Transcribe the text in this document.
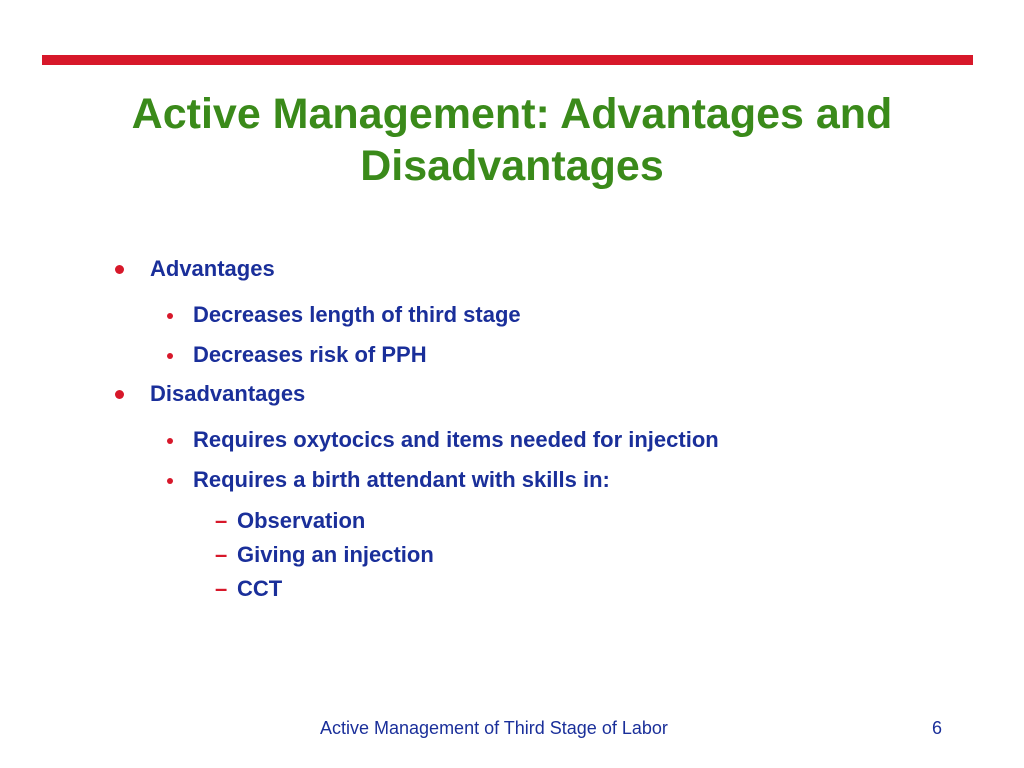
Active Management: Advantages and
Disadvantages
Advantages
Decreases length of third stage
Decreases risk of PPH
Disadvantages
Requires oxytocics and items needed for injection
Requires a birth attendant with skills in:
– Observation
– Giving an injection
– CCT
Active Management of Third Stage of Labor	6
